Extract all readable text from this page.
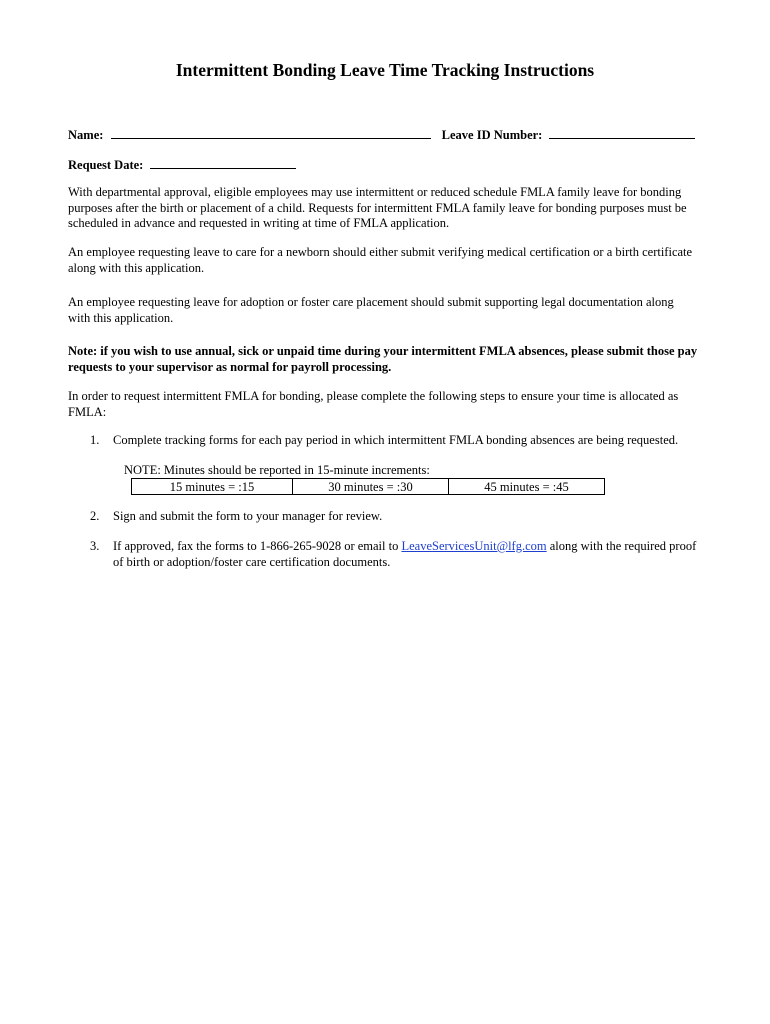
Intermittent Bonding Leave Time Tracking Instructions
Name:	Leave ID Number:
Request Date:
With departmental approval, eligible employees may use intermittent or reduced schedule FMLA family leave for bonding purposes after the birth or placement of a child. Requests for intermittent FMLA family leave for bonding purposes must be scheduled in advance and requested in writing at time of FMLA application.
An employee requesting leave to care for a newborn should either submit verifying medical certification or a birth certificate along with this application.
An employee requesting leave for adoption or foster care placement should submit supporting legal documentation along with this application.
Note: if you wish to use annual, sick or unpaid time during your intermittent FMLA absences, please submit those pay requests to your supervisor as normal for payroll processing.
In order to request intermittent FMLA for bonding, please complete the following steps to ensure your time is allocated as FMLA:
1. Complete tracking forms for each pay period in which intermittent FMLA bonding absences are being requested.
NOTE: Minutes should be reported in 15-minute increments:
15 minutes = :15	30 minutes = :30	45 minutes = :45
2. Sign and submit the form to your manager for review.
3. If approved, fax the forms to 1-866-265-9028 or email to LeaveServicesUnit@lfg.com along with the required proof of birth or adoption/foster care certification documents.
